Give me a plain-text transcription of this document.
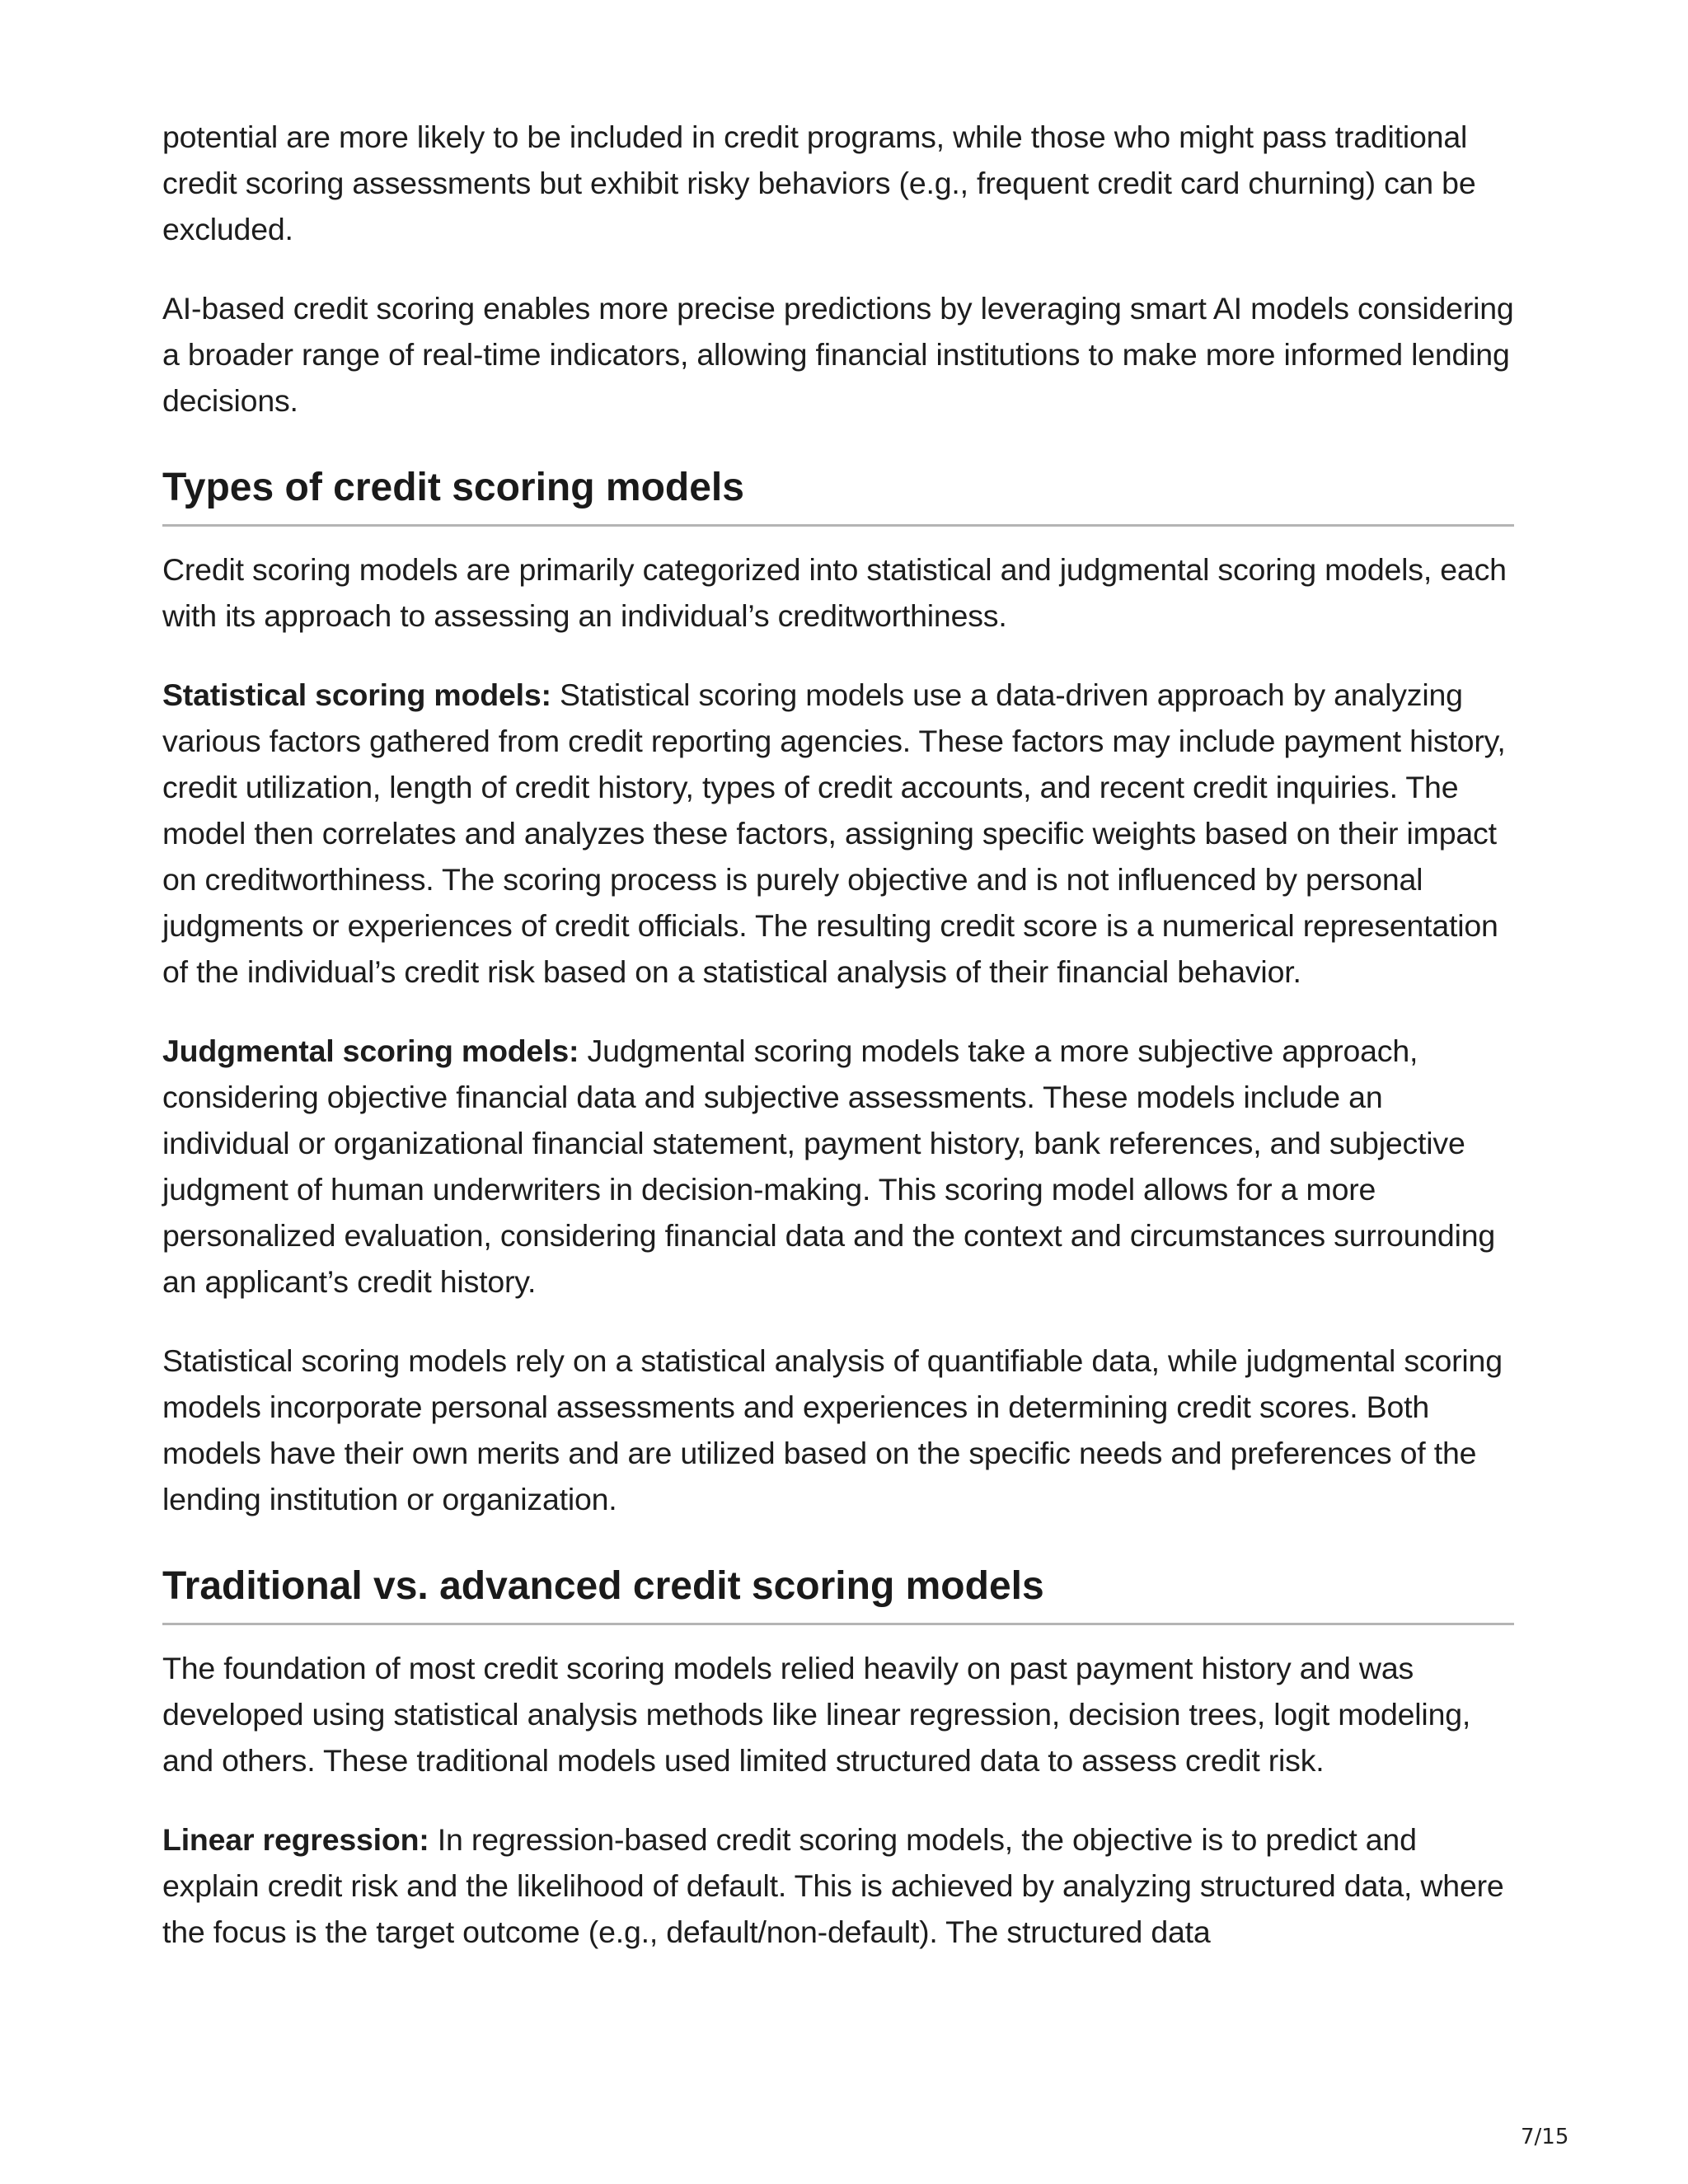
potential are more likely to be included in credit programs, while those who might pass traditional credit scoring assessments but exhibit risky behaviors (e.g., frequent credit card churning) can be excluded.

AI-based credit scoring enables more precise predictions by leveraging smart AI models considering a broader range of real-time indicators, allowing financial institutions to make more informed lending decisions.

Types of credit scoring models

Credit scoring models are primarily categorized into statistical and judgmental scoring models, each with its approach to assessing an individual’s creditworthiness.

Statistical scoring models: Statistical scoring models use a data-driven approach by analyzing various factors gathered from credit reporting agencies. These factors may include payment history, credit utilization, length of credit history, types of credit accounts, and recent credit inquiries. The model then correlates and analyzes these factors, assigning specific weights based on their impact on creditworthiness. The scoring process is purely objective and is not influenced by personal judgments or experiences of credit officials. The resulting credit score is a numerical representation of the individual’s credit risk based on a statistical analysis of their financial behavior.

Judgmental scoring models: Judgmental scoring models take a more subjective approach, considering objective financial data and subjective assessments. These models include an individual or organizational financial statement, payment history, bank references, and subjective judgment of human underwriters in decision-making. This scoring model allows for a more personalized evaluation, considering financial data and the context and circumstances surrounding an applicant’s credit history.

Statistical scoring models rely on a statistical analysis of quantifiable data, while judgmental scoring models incorporate personal assessments and experiences in determining credit scores. Both models have their own merits and are utilized based on the specific needs and preferences of the lending institution or organization.

Traditional vs. advanced credit scoring models

The foundation of most credit scoring models relied heavily on past payment history and was developed using statistical analysis methods like linear regression, decision trees, logit modeling, and others. These traditional models used limited structured data to assess credit risk.

Linear regression: In regression-based credit scoring models, the objective is to predict and explain credit risk and the likelihood of default. This is achieved by analyzing structured data, where the focus is the target outcome (e.g., default/non-default). The structured data

7/15
